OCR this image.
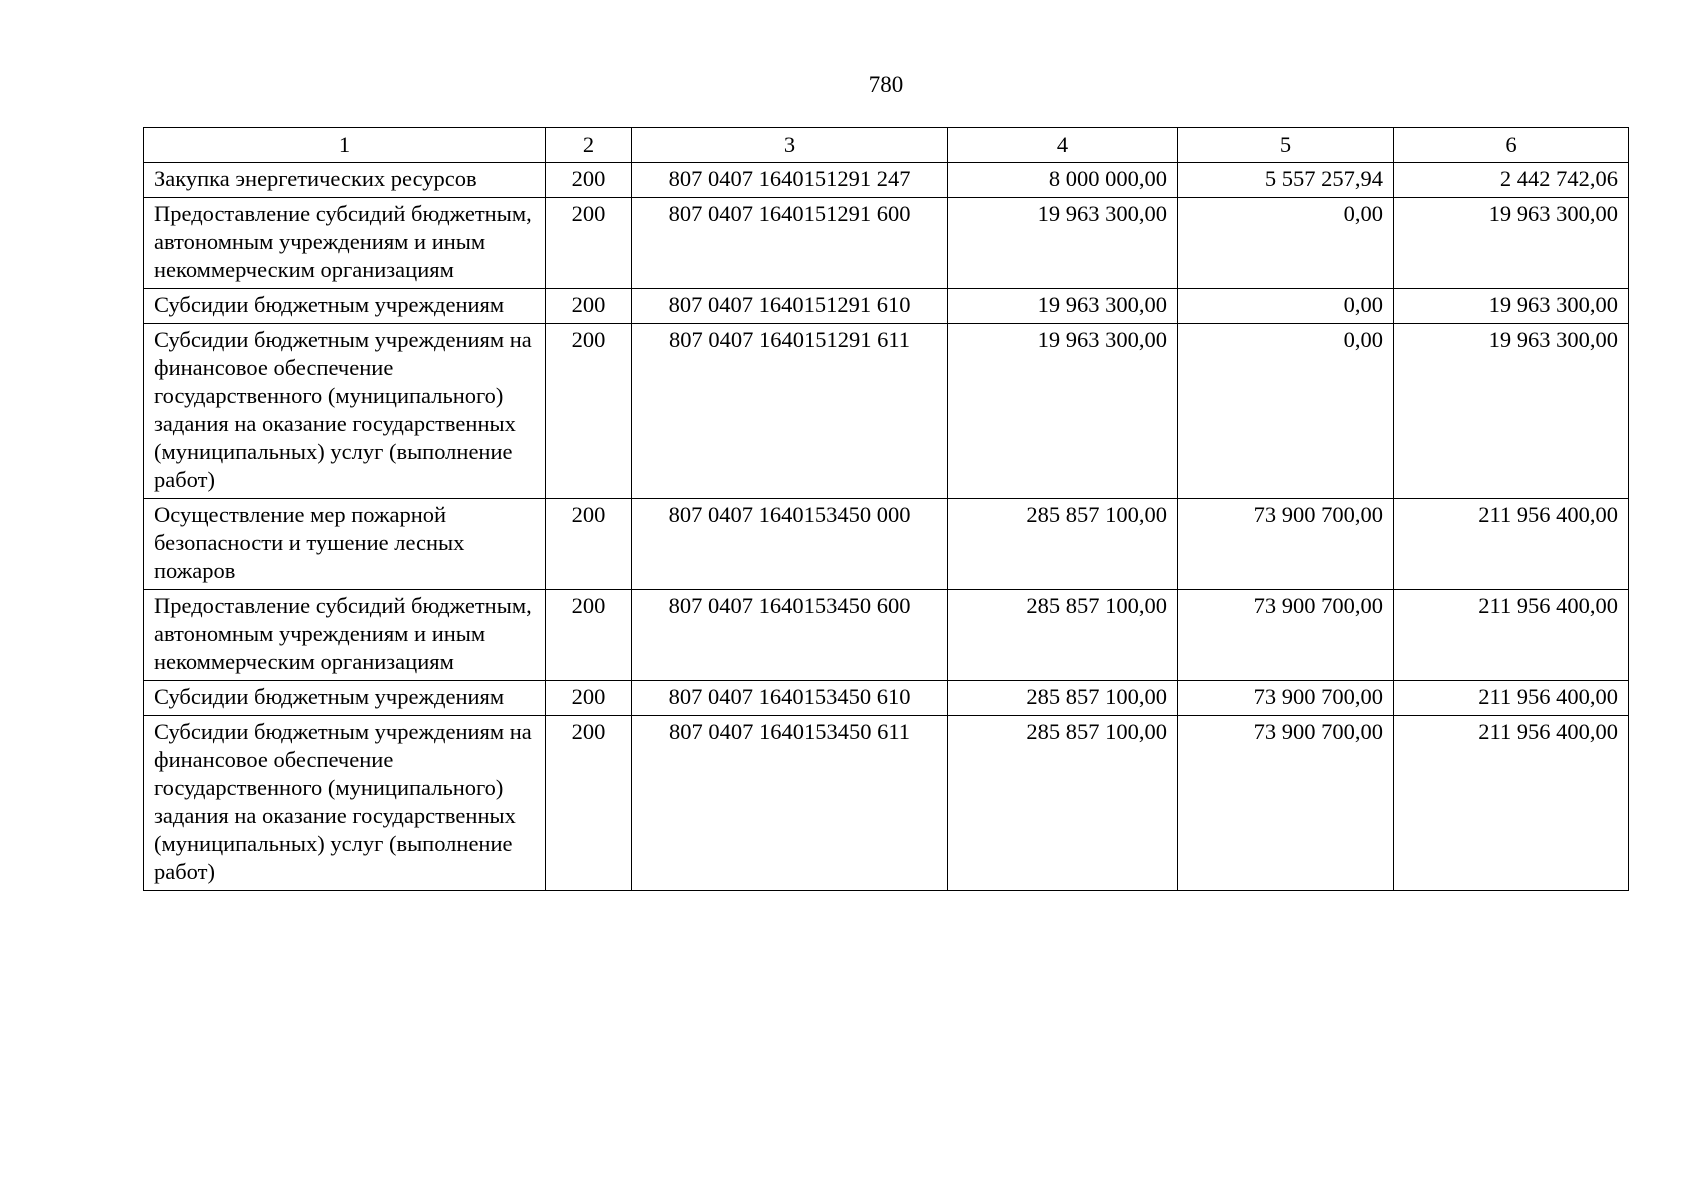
780
1	2	3	4	5	6
Закупка энергетических ресурсов	200	807 0407 1640151291 247	8 000 000,00	5 557 257,94	2 442 742,06
Предоставление субсидий бюджетным, автономным учреждениям и иным некоммерческим организациям	200	807 0407 1640151291 600	19 963 300,00	0,00	19 963 300,00
Субсидии бюджетным учреждениям	200	807 0407 1640151291 610	19 963 300,00	0,00	19 963 300,00
Субсидии бюджетным учреждениям на финансовое обеспечение государственного (муниципального) задания на оказание государственных (муниципальных) услуг (выполнение работ)	200	807 0407 1640151291 611	19 963 300,00	0,00	19 963 300,00
Осуществление мер пожарной безопасности и тушение лесных пожаров	200	807 0407 1640153450 000	285 857 100,00	73 900 700,00	211 956 400,00
Предоставление субсидий бюджетным, автономным учреждениям и иным некоммерческим организациям	200	807 0407 1640153450 600	285 857 100,00	73 900 700,00	211 956 400,00
Субсидии бюджетным учреждениям	200	807 0407 1640153450 610	285 857 100,00	73 900 700,00	211 956 400,00
Субсидии бюджетным учреждениям на финансовое обеспечение государственного (муниципального) задания на оказание государственных (муниципальных) услуг (выполнение работ)	200	807 0407 1640153450 611	285 857 100,00	73 900 700,00	211 956 400,00
